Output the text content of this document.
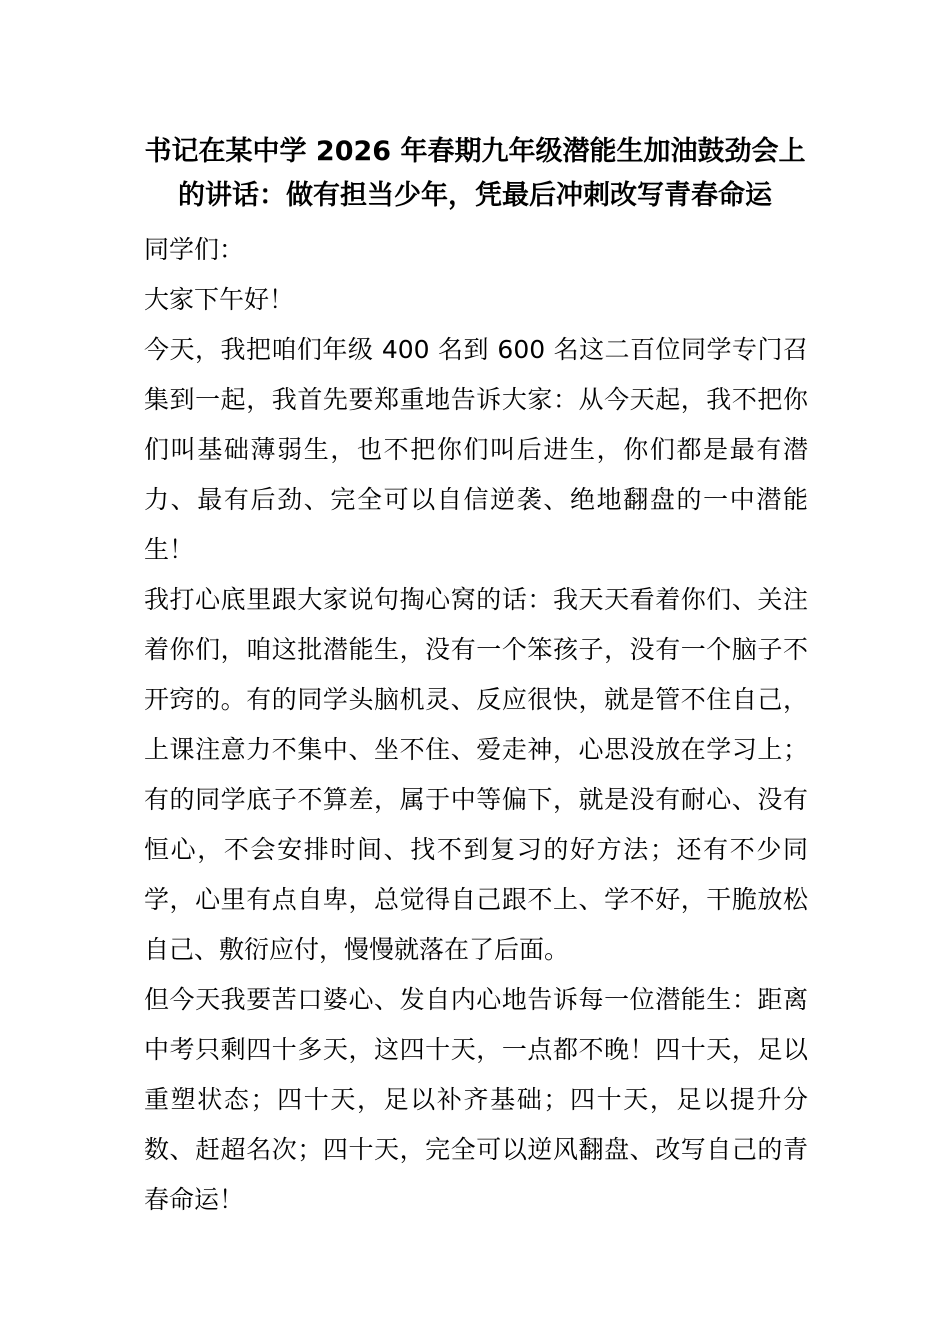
书记在某中学 2026 年春期九年级潜能生加油鼓劲会上的讲话：做有担当少年，凭最后冲刺改写青春命运

同学们：

大家下午好！

今天，我把咱们年级 400 名到 600 名这二百位同学专门召集到一起，我首先要郑重地告诉大家：从今天起，我不把你们叫基础薄弱生，也不把你们叫后进生，你们都是最有潜力、最有后劲、完全可以自信逆袭、绝地翻盘的一中潜能生！

我打心底里跟大家说句掏心窝的话：我天天看着你们、关注着你们，咱这批潜能生，没有一个笨孩子，没有一个脑子不开窍的。有的同学头脑机灵、反应很快，就是管不住自己，上课注意力不集中、坐不住、爱走神，心思没放在学习上；有的同学底子不算差，属于中等偏下，就是没有耐心、没有恒心，不会安排时间、找不到复习的好方法；还有不少同学，心里有点自卑，总觉得自己跟不上、学不好，干脆放松自己、敷衍应付，慢慢就落在了后面。

但今天我要苦口婆心、发自内心地告诉每一位潜能生：距离中考只剩四十多天，这四十天，一点都不晚！四十天，足以重塑状态；四十天，足以补齐基础；四十天，足以提升分数、赶超名次；四十天，完全可以逆风翻盘、改写自己的青春命运！
